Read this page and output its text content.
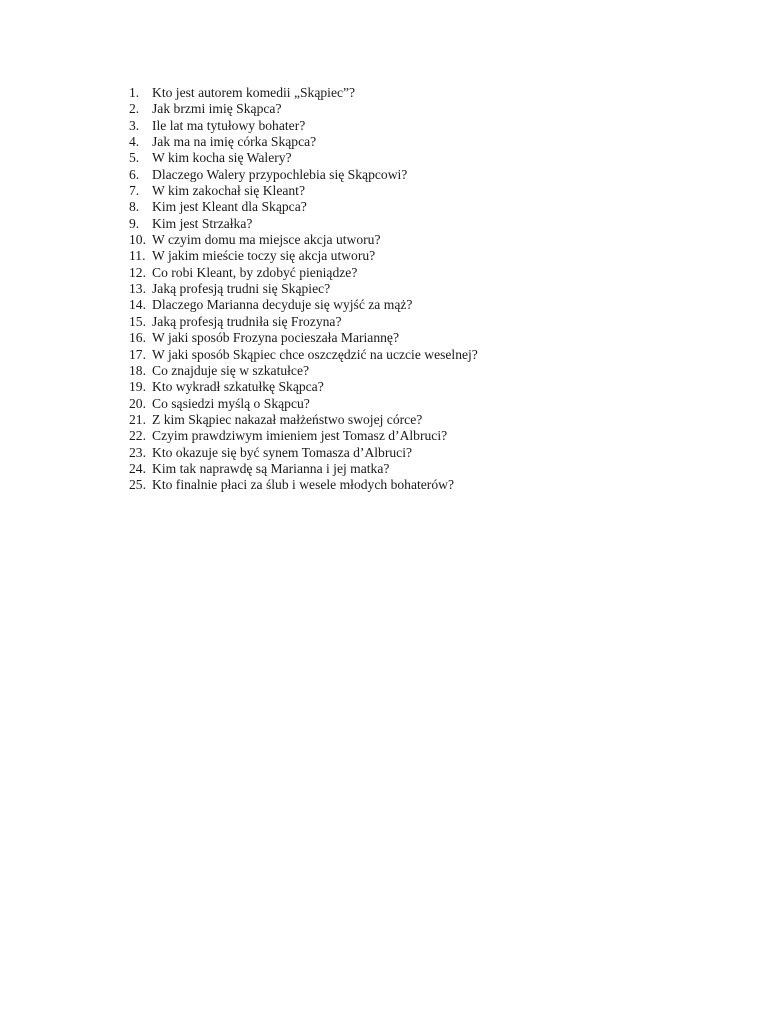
1. Kto jest autorem komedii „Skąpiec”?
2. Jak brzmi imię Skąpca?
3. Ile lat ma tytułowy bohater?
4. Jak ma na imię córka Skąpca?
5. W kim kocha się Walery?
6. Dlaczego Walery przypochlebia się Skąpcowi?
7. W kim zakochał się Kleant?
8. Kim jest Kleant dla Skąpca?
9. Kim jest Strzałka?
10. W czyim domu ma miejsce akcja utworu?
11. W jakim mieście toczy się akcja utworu?
12. Co robi Kleant, by zdobyć pieniądze?
13. Jaką profesją trudni się Skąpiec?
14. Dlaczego Marianna decyduje się wyjść za mąż?
15. Jaką profesją trudniła się Frozyna?
16. W jaki sposób Frozyna pocieszała Mariannę?
17. W jaki sposób Skąpiec chce oszczędzić na uczcie weselnej?
18. Co znajduje się w szkatułce?
19. Kto wykradł szkatułkę Skąpca?
20. Co sąsiedzi myślą o Skąpcu?
21. Z kim Skąpiec nakazał małżeństwo swojej córce?
22. Czyim prawdziwym imieniem jest Tomasz d’Albruci?
23. Kto okazuje się być synem Tomasza d’Albruci?
24. Kim tak naprawdę są Marianna i jej matka?
25. Kto finalnie płaci za ślub i wesele młodych bohaterów?
